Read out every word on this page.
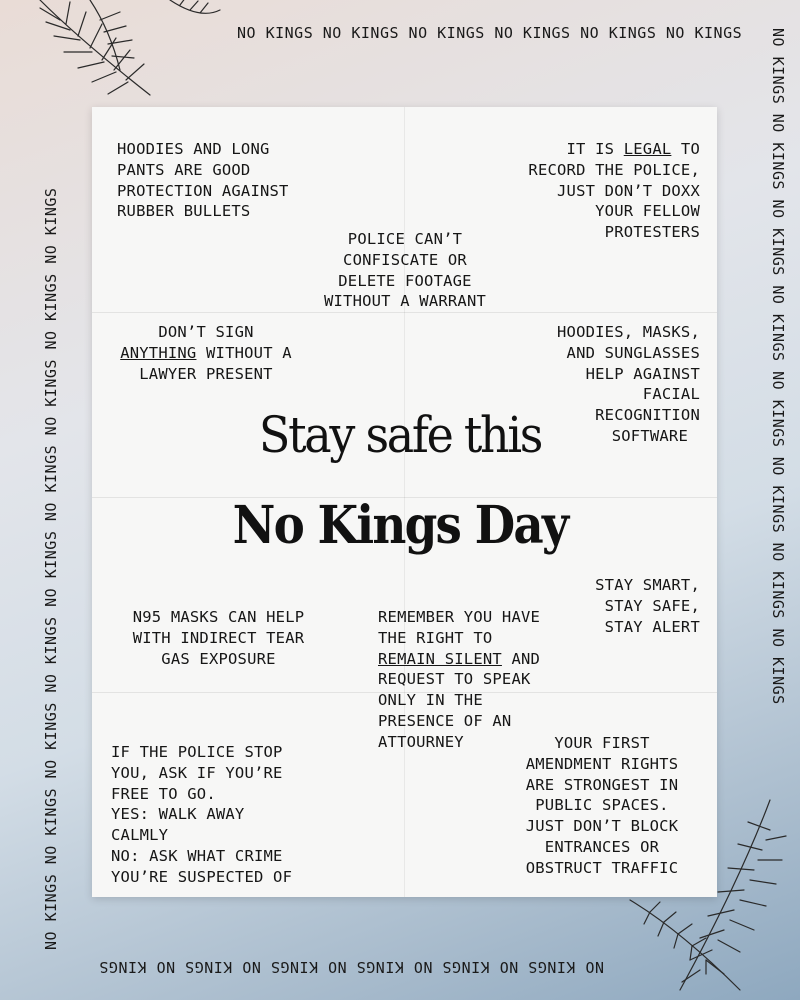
NO KINGS NO KINGS NO KINGS NO KINGS NO KINGS NO KINGS NO KINGS NO KINGS NO KINGS NO KINGS NO KINGS NO KINGS NO KINGS NO KINGS
NO KINGS NO KINGS NO KINGS NO KINGS NO KINGS NO KINGS NO KINGS NO KINGS NO KINGS
NO KINGS NO KINGS NO KINGS NO KINGS NO KINGS NO KINGS
HOODIES AND LONG
PANTS ARE GOOD
PROTECTION AGAINST
RUBBER BULLETS
IT IS LEGAL TO
RECORD THE POLICE,
JUST DON’T DOXX
YOUR FELLOW
PROTESTERS
POLICE CAN’T
CONFISCATE OR
DELETE FOOTAGE
WITHOUT A WARRANT
DON’T SIGN
ANYTHING WITHOUT A
LAWYER PRESENT
HOODIES, MASKS,
AND SUNGLASSES
HELP AGAINST
FACIAL
RECOGNITION
SOFTWARE
Stay safe this
No Kings Day
STAY SMART,
STAY SAFE,
STAY ALERT
N95 MASKS CAN HELP
WITH INDIRECT TEAR
GAS EXPOSURE
REMEMBER YOU HAVE
THE RIGHT TO
REMAIN SILENT AND
REQUEST TO SPEAK
ONLY IN THE
PRESENCE OF AN
ATTOURNEY
IF THE POLICE STOP
YOU, ASK IF YOU’RE
FREE TO GO.
YES: WALK AWAY
CALMLY
NO: ASK WHAT CRIME
YOU’RE SUSPECTED OF
YOUR FIRST
AMENDMENT RIGHTS
ARE STRONGEST IN
PUBLIC SPACES.
JUST DON’T BLOCK
ENTRANCES OR
OBSTRUCT TRAFFIC
